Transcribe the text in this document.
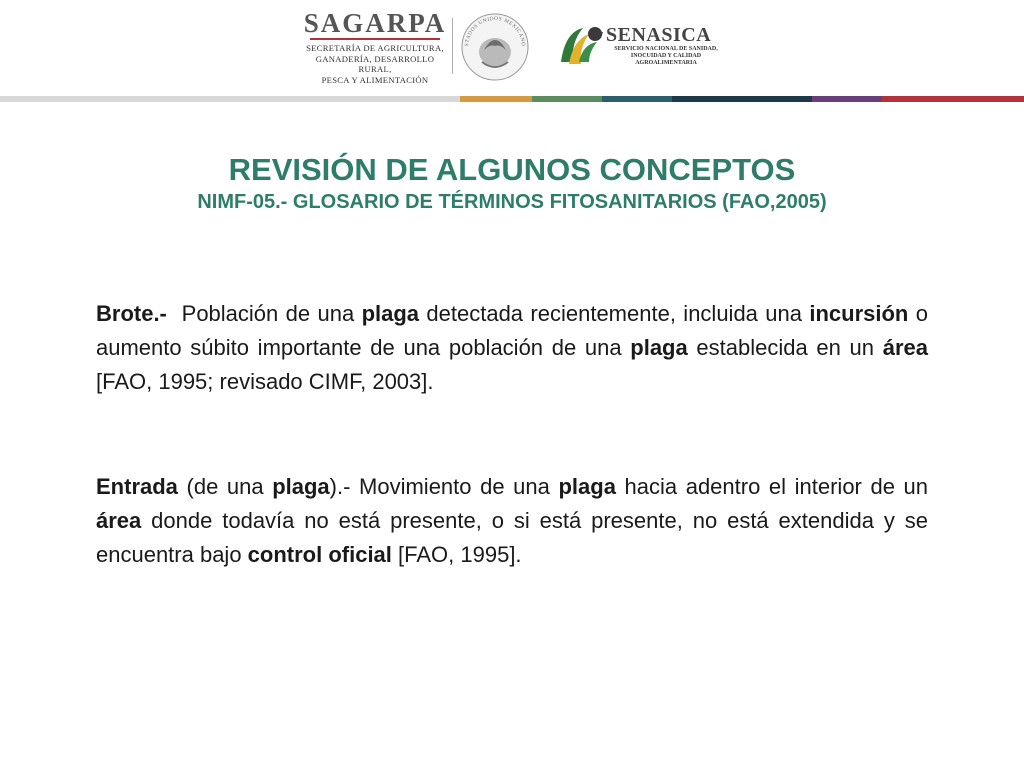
SAGARPA
SECRETARÍA DE AGRICULTURA,
GANADERÍA, DESARROLLO RURAL,
PESCA Y ALIMENTACIÓN
STADOS UNIDOS MEXICANO	SENASICA
SERVICIO NACIONAL DE SANIDAD,
INOCUIDAD Y CALIDAD
AGROALIMENTARIA
REVISIÓN DE ALGUNOS CONCEPTOS
NIMF-05.- GLOSARIO DE TÉRMINOS FITOSANITARIOS (FAO,2005)
Brote.- Población de una plaga detectada recientemente, incluida una incursión o aumento súbito importante de una población de una plaga establecida en un área [FAO, 1995; revisado CIMF, 2003].
Entrada (de una plaga).- Movimiento de una plaga hacia adentro el interior de un área donde todavía no está presente, o si está presente, no está extendida y se encuentra bajo control oficial [FAO, 1995].
